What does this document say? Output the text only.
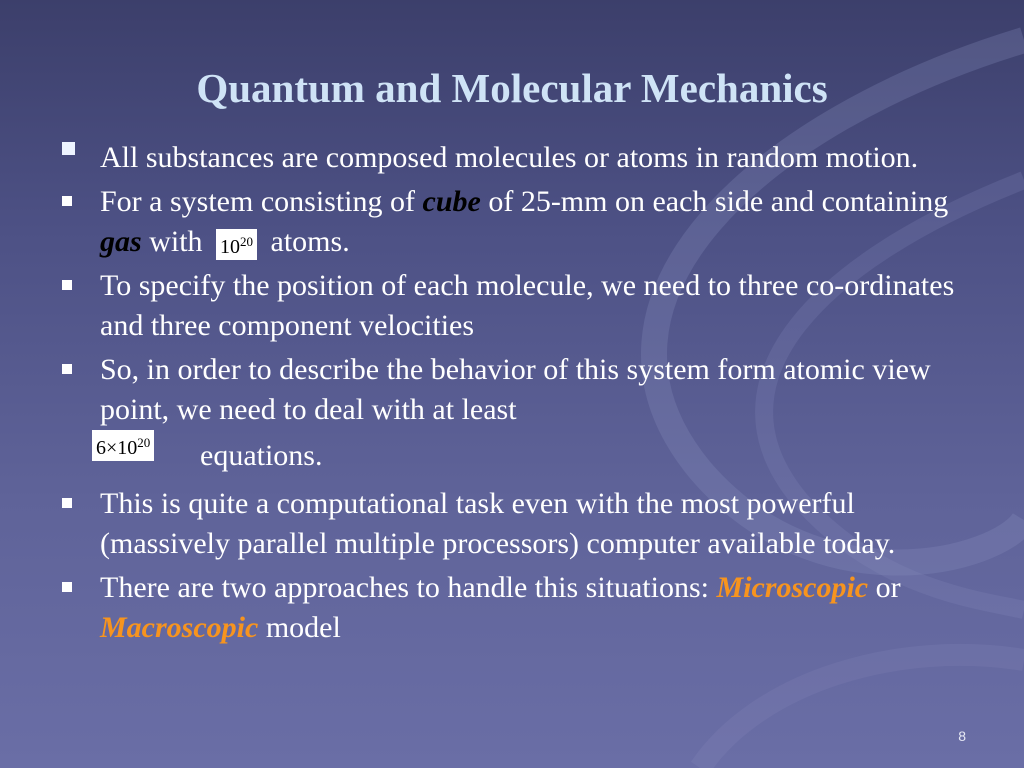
Quantum and Molecular Mechanics

All substances are composed molecules or atoms in random motion.

For a system consisting of cube of 25-mm on each side and containing gas with $10^{20}$ atoms.

To specify the position of each molecule, we need to three co-ordinates and three component velocities

So, in order to describe the behavior of this system form atomic view point, we need to deal with at least

$6\times 10^{20}$ equations.

This is quite a computational task even with the most powerful (massively parallel multiple processors) computer available today.

There are two approaches to handle this situations: Microscopic or Macroscopic model

8
